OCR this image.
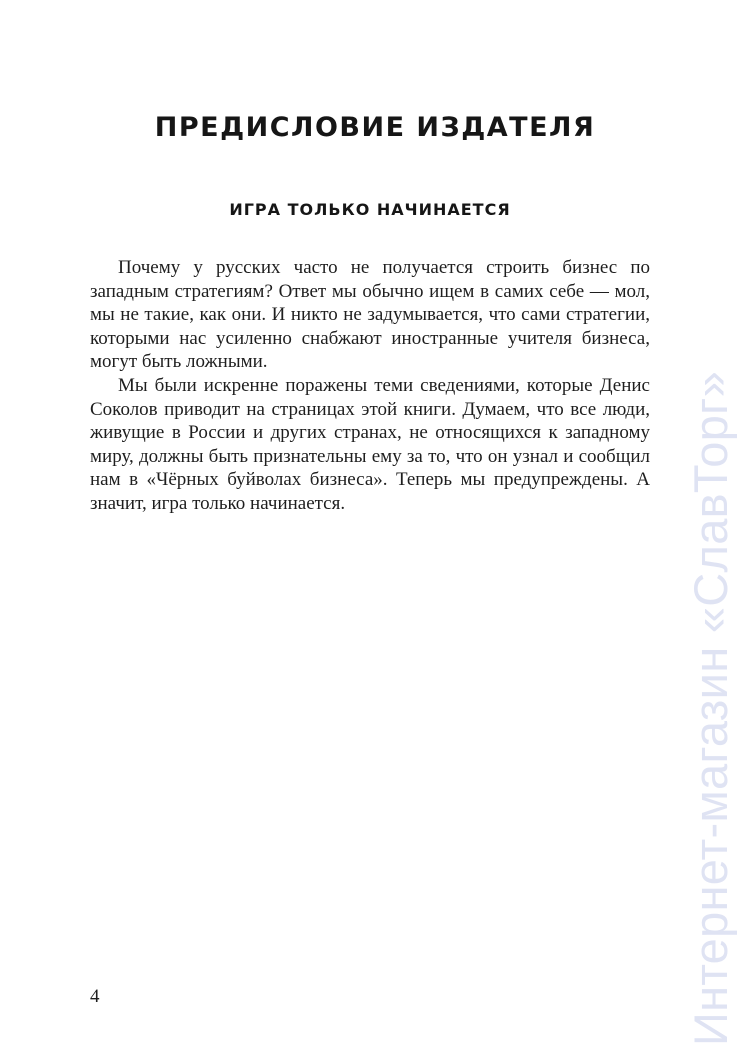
ПРЕДИСЛОВИЕ ИЗДАТЕЛЯ
ИГРА ТОЛЬКО НАЧИНАЕТСЯ

Почему у русских часто не получается строить бизнес по западным стратегиям? Ответ мы обычно ищем в самих себе — мол, мы не такие, как они. И никто не задумывается, что сами стратегии, которыми нас усиленно снабжают иностранные учителя бизнеса, могут быть ложными.

Мы были искренне поражены теми сведениями, которые Денис Соколов приводит на страницах этой книги. Думаем, что все люди, живущие в России и других странах, не относящихся к западному миру, должны быть признательны ему за то, что он узнал и сообщил нам в «Чёрных буйволах бизнеса». Теперь мы предупреждены. А значит, игра только начинается.

4	Интернет-магазин «СлавТорг»
